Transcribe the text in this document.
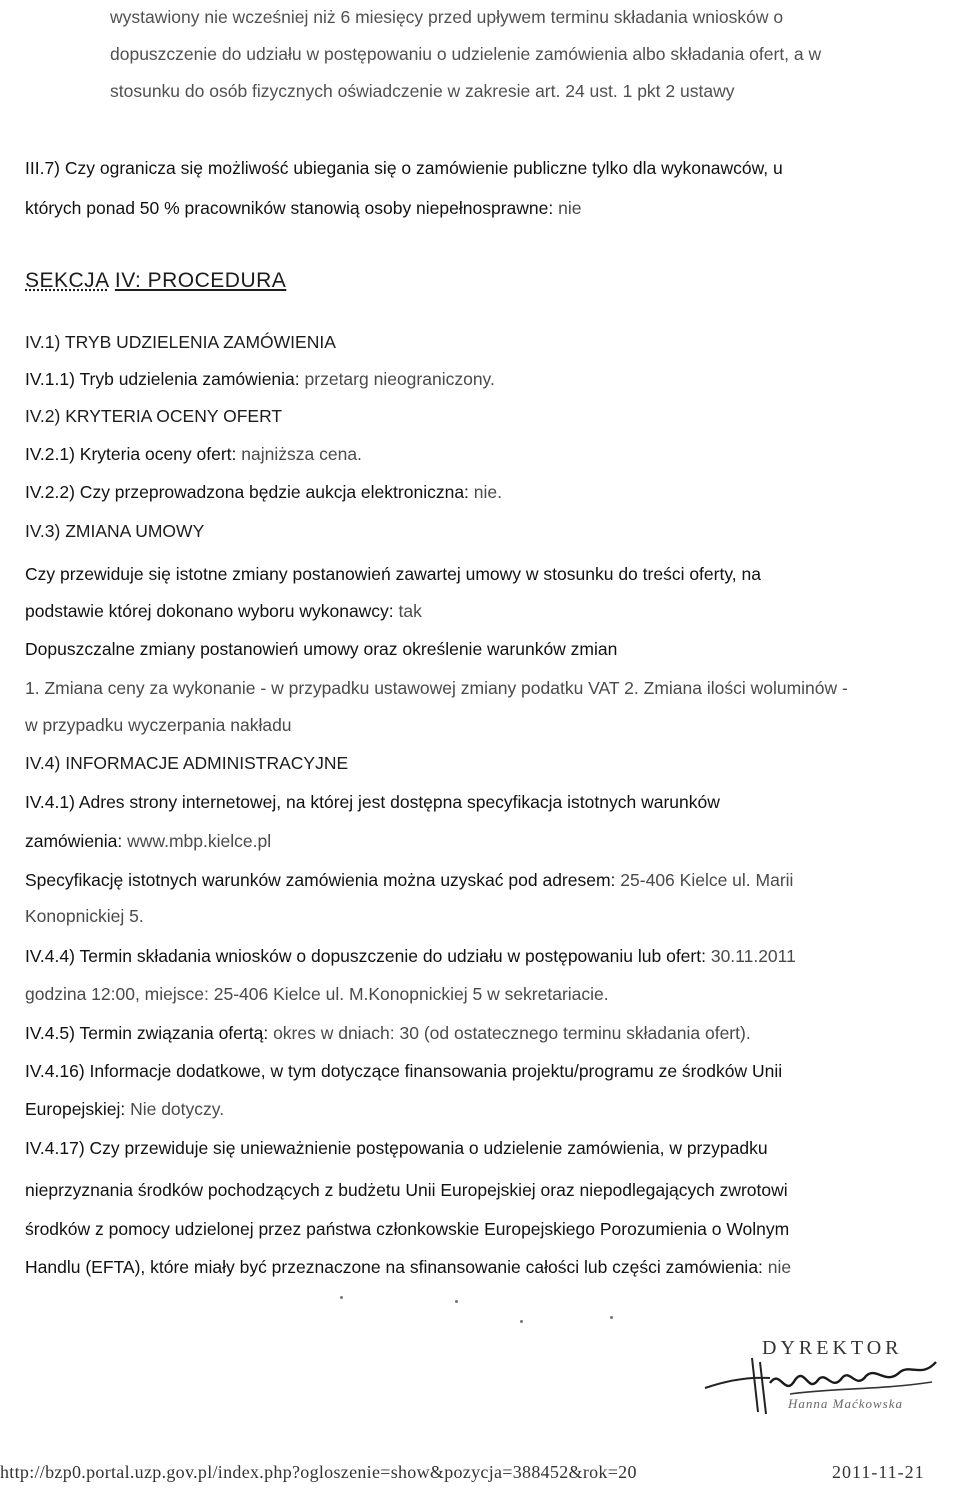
wystawiony nie wcześniej niż 6 miesięcy przed upływem terminu składania wniosków o
dopuszczenie do udziału w postępowaniu o udzielenie zamówienia albo składania ofert, a w
stosunku do osób fizycznych oświadczenie w zakresie art. 24 ust. 1 pkt 2 ustawy
III.7) Czy ogranicza się możliwość ubiegania się o zamówienie publiczne tylko dla wykonawców, u
których ponad 50 % pracowników stanowią osoby niepełnosprawne: nie
SEKCJA IV: PROCEDURA
IV.1) TRYB UDZIELENIA ZAMÓWIENIA
IV.1.1) Tryb udzielenia zamówienia: przetarg nieograniczony.
IV.2) KRYTERIA OCENY OFERT
IV.2.1) Kryteria oceny ofert: najniższa cena.
IV.2.2) Czy przeprowadzona będzie aukcja elektroniczna: nie.
IV.3) ZMIANA UMOWY
Czy przewiduje się istotne zmiany postanowień zawartej umowy w stosunku do treści oferty, na
podstawie której dokonano wyboru wykonawcy: tak
Dopuszczalne zmiany postanowień umowy oraz określenie warunków zmian
1. Zmiana ceny za wykonanie - w przypadku ustawowej zmiany podatku VAT 2. Zmiana ilości woluminów -
w przypadku wyczerpania nakładu
IV.4) INFORMACJE ADMINISTRACYJNE
IV.4.1) Adres strony internetowej, na której jest dostępna specyfikacja istotnych warunków
zamówienia: www.mbp.kielce.pl
Specyfikację istotnych warunków zamówienia można uzyskać pod adresem: 25-406 Kielce ul. Marii
Konopnickiej 5.
IV.4.4) Termin składania wniosków o dopuszczenie do udziału w postępowaniu lub ofert: 30.11.2011
godzina 12:00, miejsce: 25-406 Kielce ul. M.Konopnickiej 5 w sekretariacie.
IV.4.5) Termin związania ofertą: okres w dniach: 30 (od ostatecznego terminu składania ofert).
IV.4.16) Informacje dodatkowe, w tym dotyczące finansowania projektu/programu ze środków Unii
Europejskiej: Nie dotyczy.
IV.4.17) Czy przewiduje się unieważnienie postępowania o udzielenie zamówienia, w przypadku
nieprzyznania środków pochodzących z budżetu Unii Europejskiej oraz niepodlegających zwrotowi
środków z pomocy udzielonej przez państwa członkowskie Europejskiego Porozumienia o Wolnym
Handlu (EFTA), które miały być przeznaczone na sfinansowanie całości lub części zamówienia: nie
DYREKTOR
Hanna Maćkowska
http://bzp0.portal.uzp.gov.pl/index.php?ogloszenie=show&pozycja=388452&rok=20	2011-11-21
